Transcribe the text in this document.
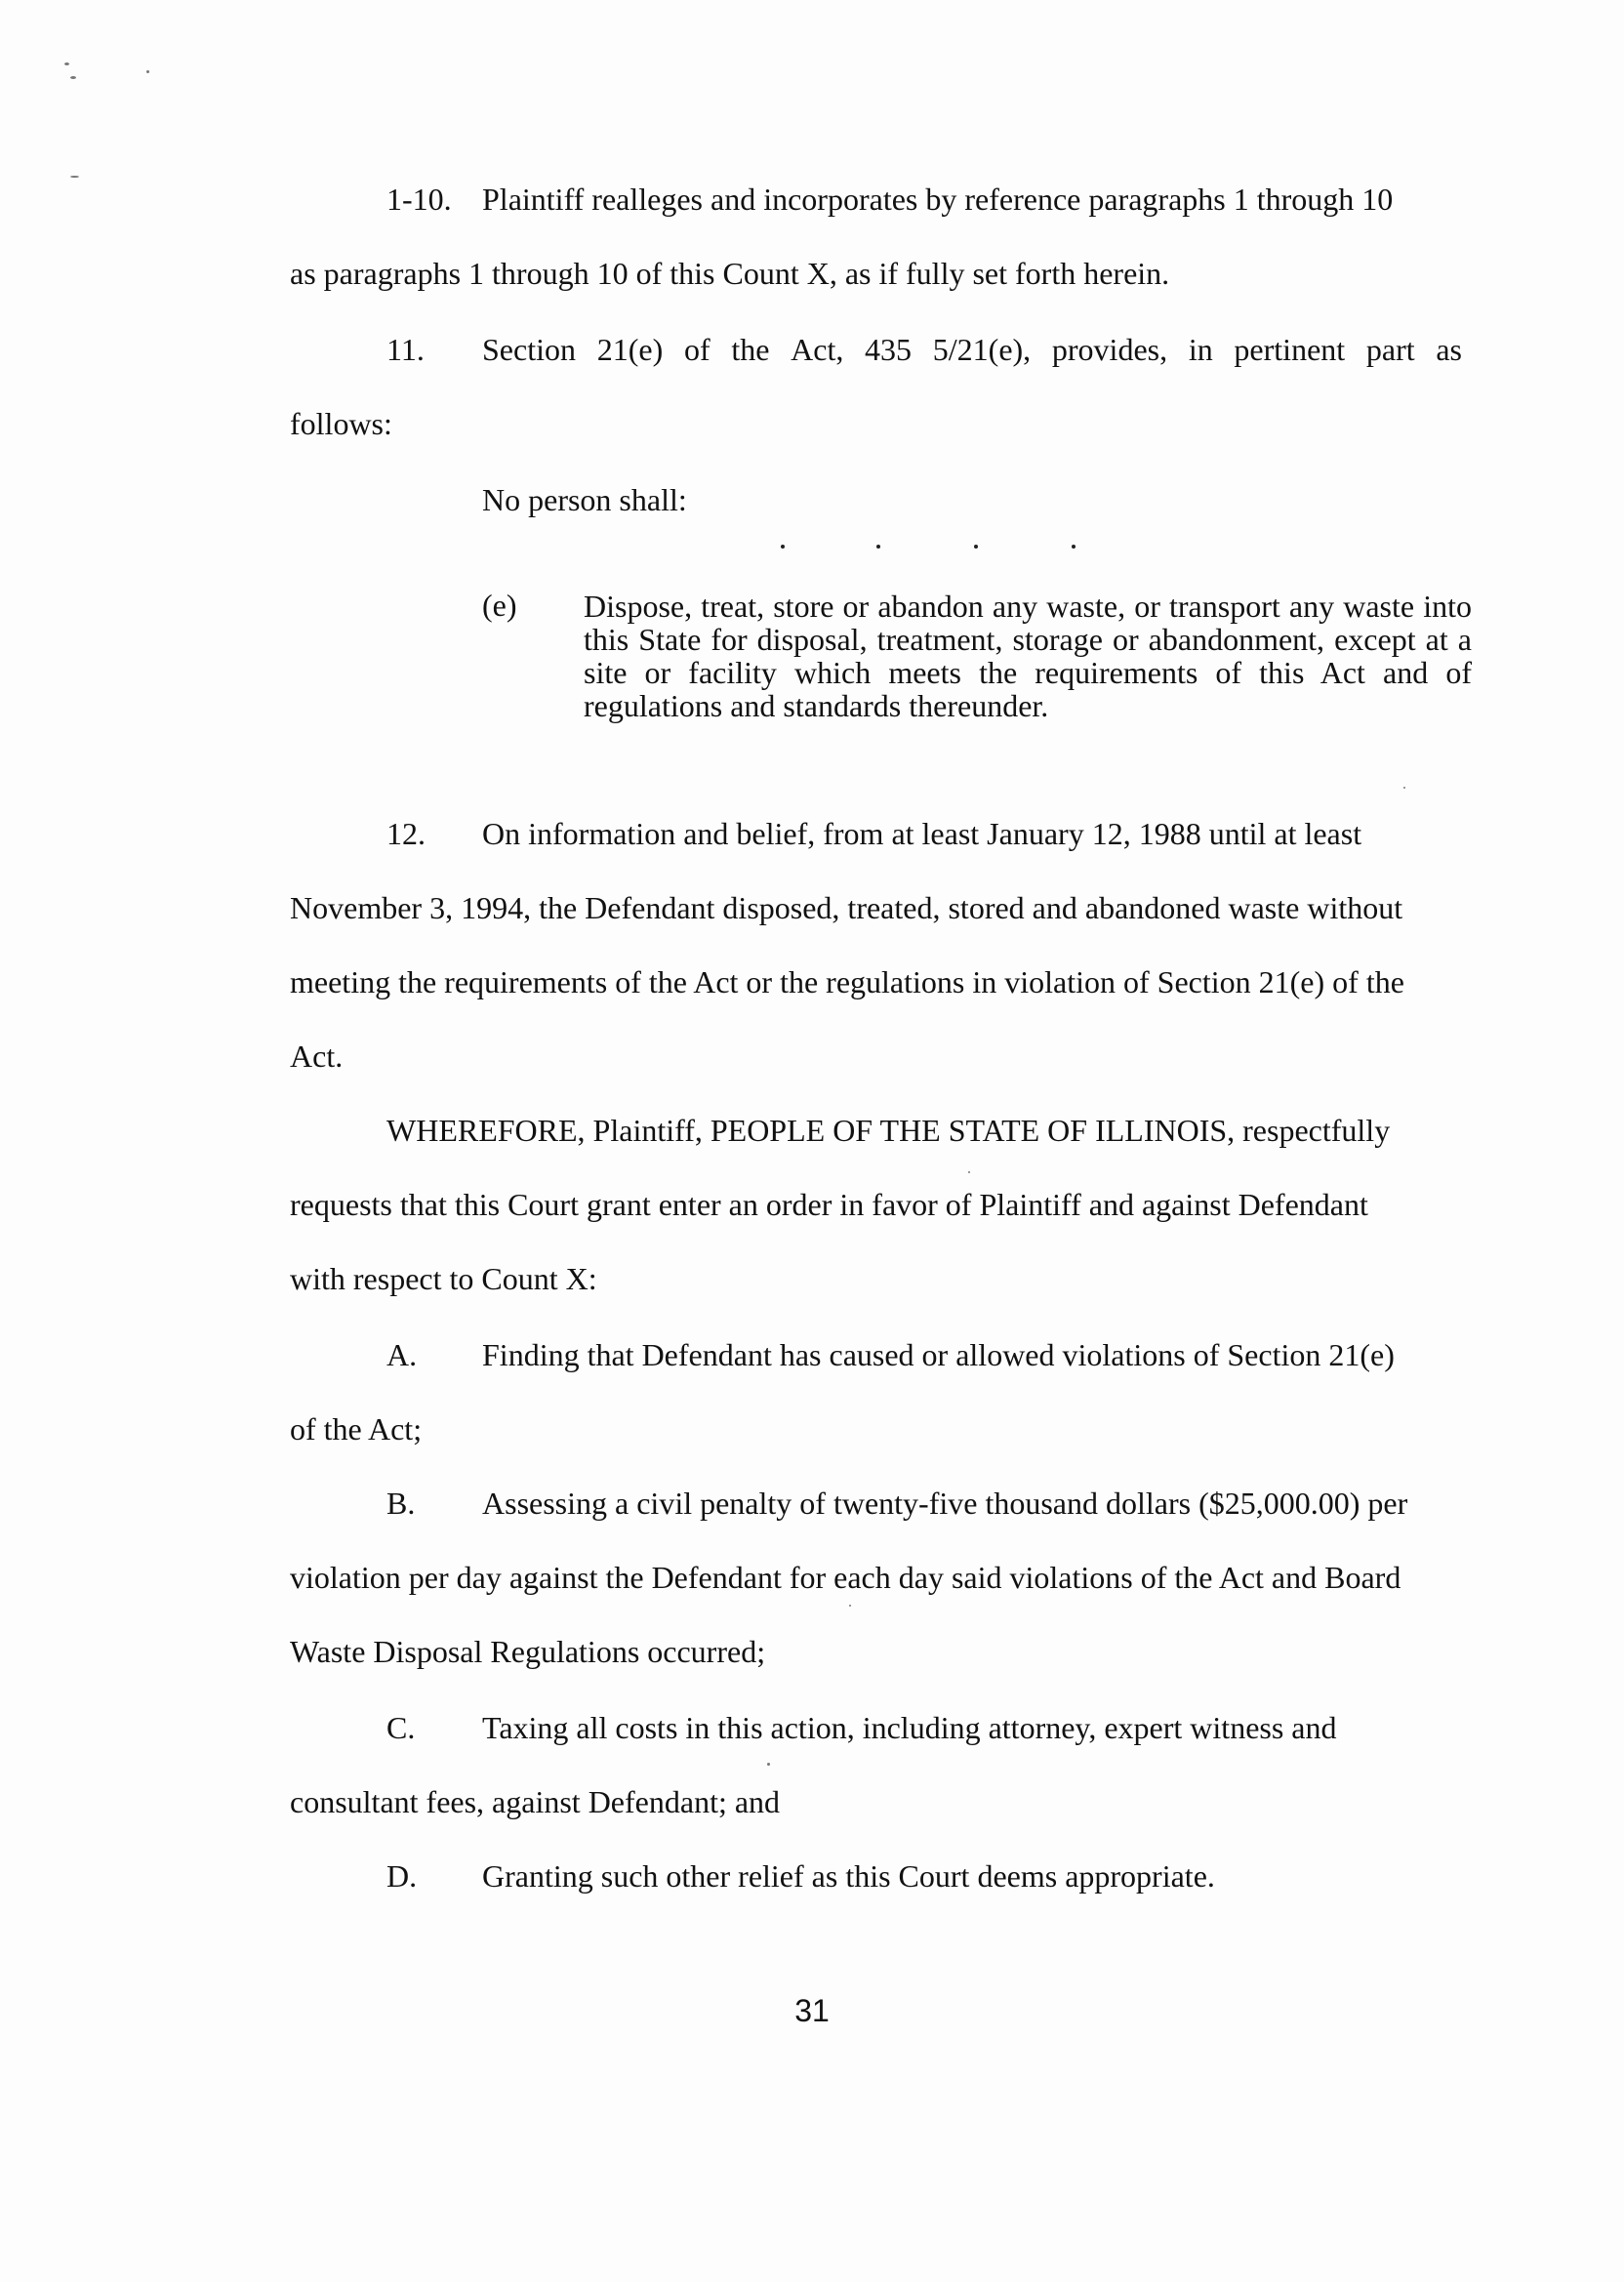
1-10. Plaintiff realleges and incorporates by reference paragraphs 1 through 10
as paragraphs 1 through 10 of this Count X, as if fully set forth herein.
11. Section 21(e) of the Act, 435 5/21(e), provides, in pertinent part as
follows:
No person shall:
(e) Dispose, treat, store or abandon any waste, or transport any waste into this State for disposal, treatment, storage or abandonment, except at a site or facility which meets the requirements of this Act and of regulations and standards thereunder.
12. On information and belief, from at least January 12, 1988 until at least
November 3, 1994, the Defendant disposed, treated, stored and abandoned waste without
meeting the requirements of the Act or the regulations in violation of Section 21(e) of the
Act.
WHEREFORE, Plaintiff, PEOPLE OF THE STATE OF ILLINOIS, respectfully
requests that this Court grant enter an order in favor of Plaintiff and against Defendant
with respect to Count X:
A. Finding that Defendant has caused or allowed violations of Section 21(e)
of the Act;
B. Assessing a civil penalty of twenty-five thousand dollars ($25,000.00) per
violation per day against the Defendant for each day said violations of the Act and Board
Waste Disposal Regulations occurred;
C. Taxing all costs in this action, including attorney, expert witness and
consultant fees, against Defendant; and
D. Granting such other relief as this Court deems appropriate.
31
